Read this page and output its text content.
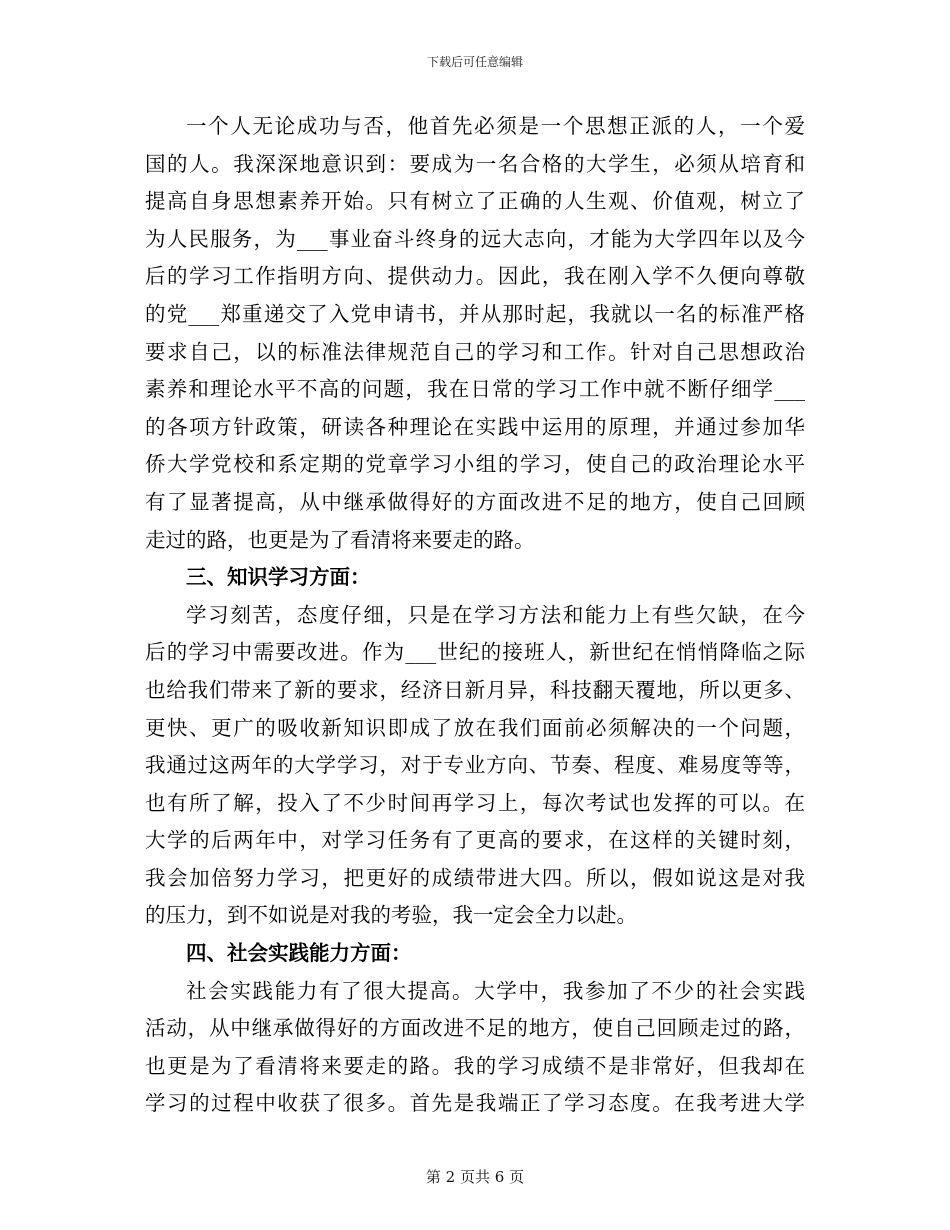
下载后可任意编辑
一个人无论成功与否，他首先必须是一个思想正派的人，一个爱
国的人。我深深地意识到：要成为一名合格的大学生，必须从培育和
提高自身思想素养开始。只有树立了正确的人生观、价值观，树立了
为人民服务，为___事业奋斗终身的远大志向，才能为大学四年以及今
后的学习工作指明方向、提供动力。因此，我在刚入学不久便向尊敬
的党___郑重递交了入党申请书，并从那时起，我就以一名的标准严格
要求自己，以的标准法律规范自己的学习和工作。针对自己思想政治
素养和理论水平不高的问题，我在日常的学习工作中就不断仔细学___
的各项方针政策，研读各种理论在实践中运用的原理，并通过参加华
侨大学党校和系定期的党章学习小组的学习，使自己的政治理论水平
有了显著提高，从中继承做得好的方面改进不足的地方，使自己回顾
走过的路，也更是为了看清将来要走的路。
三、知识学习方面：
学习刻苦，态度仔细，只是在学习方法和能力上有些欠缺，在今
后的学习中需要改进。作为___世纪的接班人，新世纪在悄悄降临之际
也给我们带来了新的要求，经济日新月异，科技翻天覆地，所以更多、
更快、更广的吸收新知识即成了放在我们面前必须解决的一个问题，
我通过这两年的大学学习，对于专业方向、节奏、程度、难易度等等，
也有所了解，投入了不少时间再学习上，每次考试也发挥的可以。在
大学的后两年中，对学习任务有了更高的要求，在这样的关键时刻，
我会加倍努力学习，把更好的成绩带进大四。所以，假如说这是对我
的压力，到不如说是对我的考验，我一定会全力以赴。
四、社会实践能力方面：
社会实践能力有了很大提高。大学中，我参加了不少的社会实践
活动，从中继承做得好的方面改进不足的地方，使自己回顾走过的路，
也更是为了看清将来要走的路。我的学习成绩不是非常好，但我却在
学习的过程中收获了很多。首先是我端正了学习态度。在我考进大学
第 2 页共 6 页
